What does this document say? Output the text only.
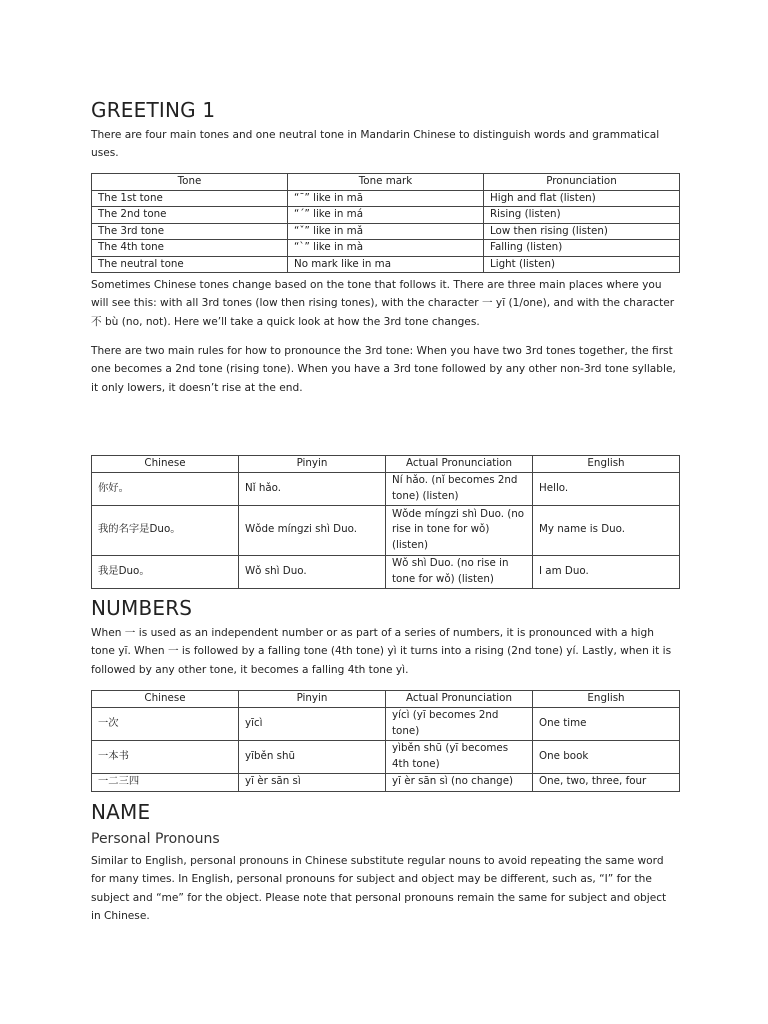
GREETING 1

There are four main tones and one neutral tone in Mandarin Chinese to distinguish words and grammatical uses.

Tone	Tone mark	Pronunciation
The 1st tone	“ˉ” like in mā	High and flat (listen)
The 2nd tone	“ˊ” like in má	Rising (listen)
The 3rd tone	“ˇ” like in mǎ	Low then rising (listen)
The 4th tone	“ˋ” like in mà	Falling (listen)
The neutral tone	No mark like in ma	Light (listen)

Sometimes Chinese tones change based on the tone that follows it. There are three main places where you will see this: with all 3rd tones (low then rising tones), with the character 一 yī (1/one), and with the character 不 bù (no, not). Here we’ll take a quick look at how the 3rd tone changes.

There are two main rules for how to pronounce the 3rd tone: When you have two 3rd tones together, the first one becomes a 2nd tone (rising tone). When you have a 3rd tone followed by any other non-3rd tone syllable, it only lowers, it doesn’t rise at the end.

Chinese	Pinyin	Actual Pronunciation	English
你好。	Nǐ hǎo.	Ní hǎo. (nǐ becomes 2nd tone) (listen)	Hello.
我的名字是Duo。	Wǒde míngzi shì Duo.	Wǒde míngzi shì Duo. (no rise in tone for wǒ) (listen)	My name is Duo.
我是Duo。	Wǒ shì Duo.	Wǒ shì Duo. (no rise in tone for wǒ) (listen)	I am Duo.
NUMBERS

When 一 is used as an independent number or as part of a series of numbers, it is pronounced with a high tone yī. When 一 is followed by a falling tone (4th tone) yì it turns into a rising (2nd tone) yí. Lastly, when it is followed by any other tone, it becomes a falling 4th tone yì.

Chinese	Pinyin	Actual Pronunciation	English
一次	yīcì	yícì (yī becomes 2nd tone)	One time
一本书	yīběn shū	yìběn shū (yī becomes 4th tone)	One book
一二三四	yī èr sān sì	yī èr sān sì (no change)	One, two, three, four
NAME
Personal Pronouns

Similar to English, personal pronouns in Chinese substitute regular nouns to avoid repeating the same word for many times. In English, personal pronouns for subject and object may be different, such as, “I” for the subject and “me” for the object. Please note that personal pronouns remain the same for subject and object in Chinese.
